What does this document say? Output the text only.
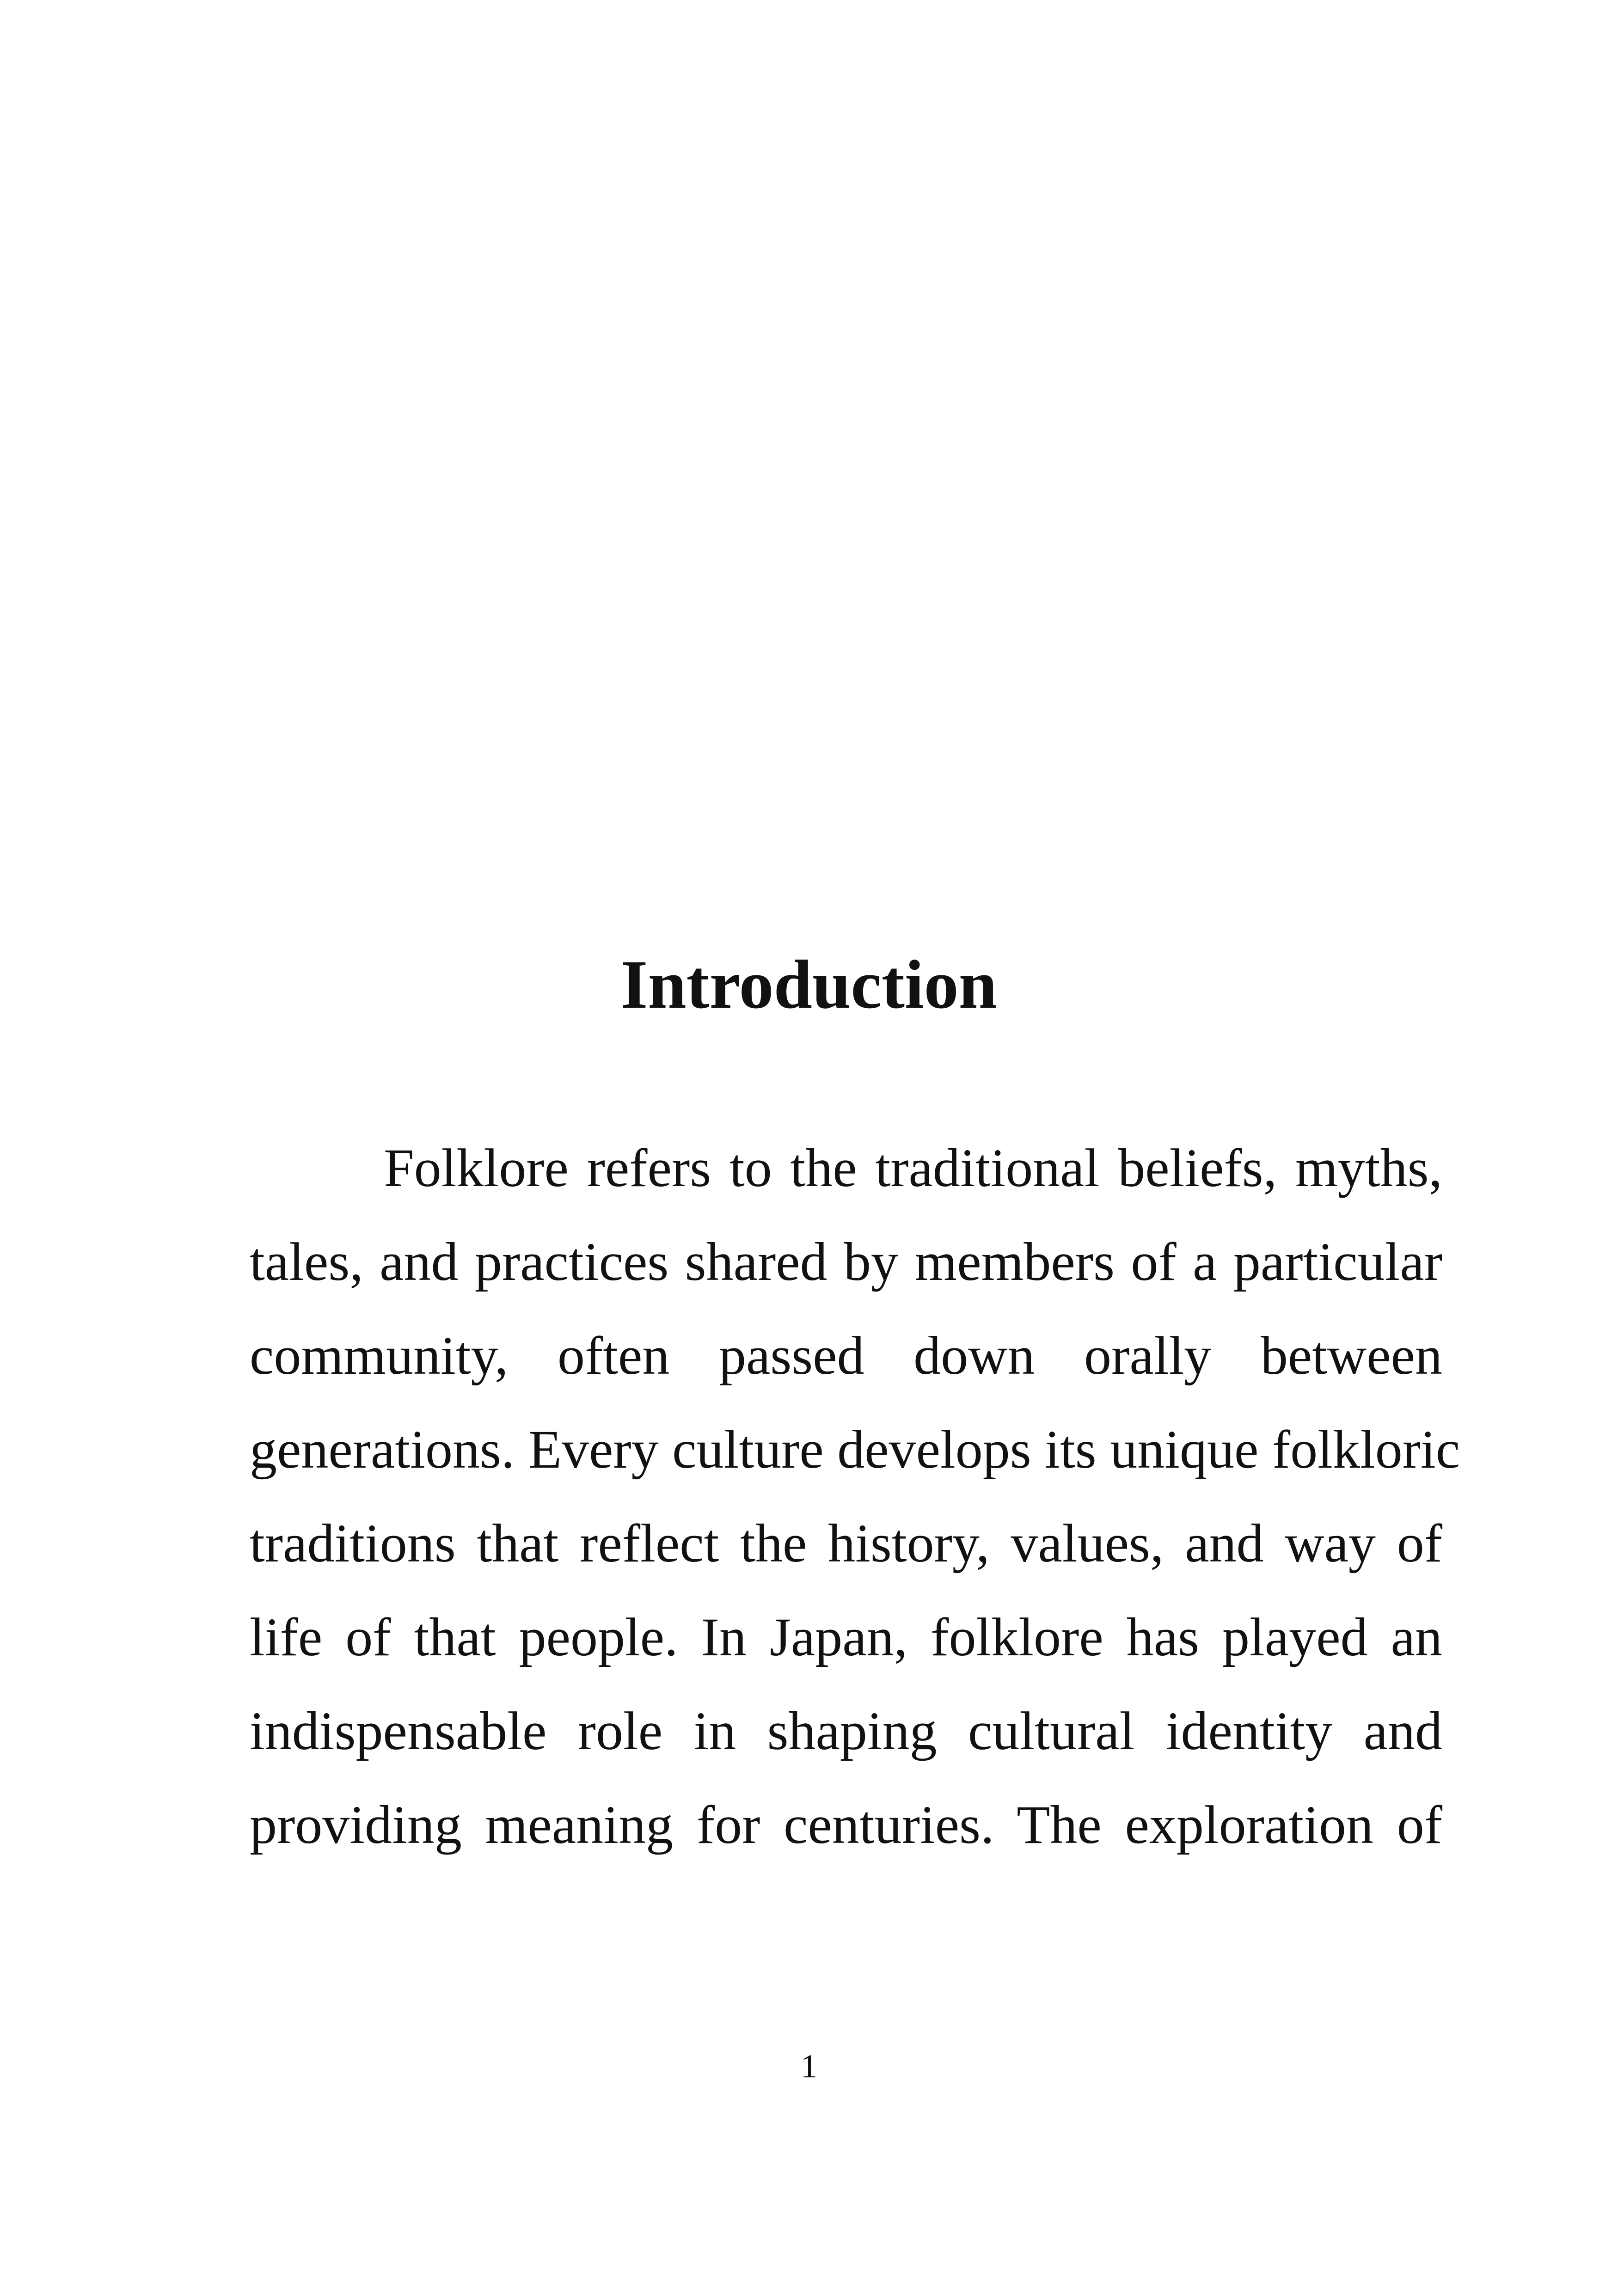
Introduction
Folklore refers to the traditional beliefs, myths,
tales, and practices shared by members of a particular
community, often passed down orally between
generations. Every culture develops its unique folkloric
traditions that reflect the history, values, and way of
life of that people. In Japan, folklore has played an
indispensable role in shaping cultural identity and
providing meaning for centuries. The exploration of
1
